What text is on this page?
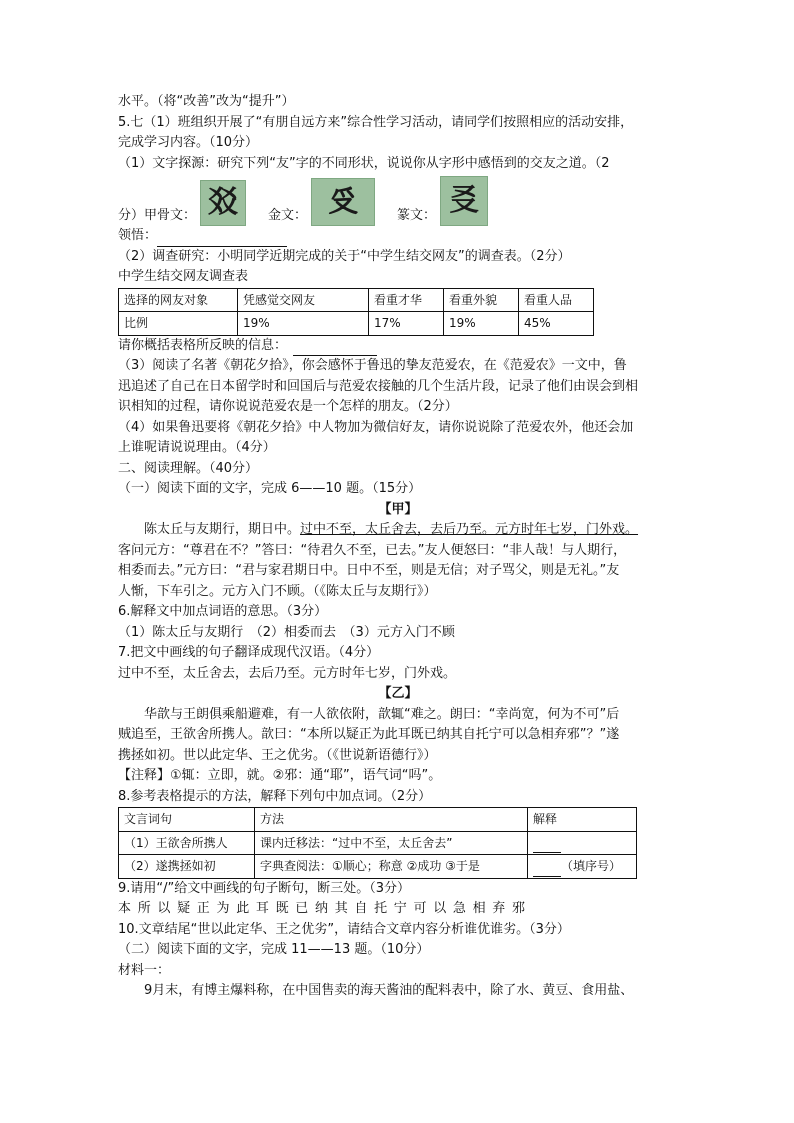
水平。（将“改善”改为“提升”）
5.七（1）班组织开展了“有朋自远方来”综合性学习活动，请同学们按照相应的活动安排，
完成学习内容。（10分）
（1）文字探源：研究下列“友”字的不同形状，说说你从字形中感悟到的交友之道。（2
分）甲骨文： 㸚	金文： 𠬪	篆文： 㕛
领悟：
（2）调查研究：小明同学近期完成的关于“中学生结交网友”的调查表。（2分）
中学生结交网友调查表
选择的网友对象	凭感觉交网友	看重才华	看重外貌	看重人品
比例	19%	17%	19%	45%
请你概括表格所反映的信息：
（3）阅读了名著《朝花夕拾》，你会感怀于鲁迅的挚友范爱农，在《范爱农》一文中，鲁
迅追述了自己在日本留学时和回国后与范爱农接触的几个生活片段，记录了他们由误会到相
识相知的过程，请你说说范爱农是一个怎样的朋友。（2分）
（4）如果鲁迅要将《朝花夕拾》中人物加为微信好友，请你说说除了范爱农外，他还会加
上谁呢请说说理由。（4分）
二、阅读理解。（40分）
（一）阅读下面的文字，完成 6——10 题。（15分）
【甲】
陈太丘与友期行，期日中。过中不至，太丘舍去，去后乃至。元方时年七岁，门外戏。
客问元方：“尊君在不？”答曰：“待君久不至，已去。”友人便怒曰：“非人哉！与人期行，
相委而去。”元方曰：“君与家君期日中。日中不至，则是无信；对子骂父，则是无礼。”友
人惭，下车引之。元方入门不顾。（《陈太丘与友期行》）
6.解释文中加点词语的意思。（3分）
（1）陈太丘与友期行　（2）相委而去　（3）元方入门不顾
7.把文中画线的句子翻译成现代汉语。（4分）
过中不至，太丘舍去，去后乃至。元方时年七岁，门外戏。
【乙】
华歆与王朗俱乘船避难，有一人欲依附，歆辄“难之。朗曰：“幸尚宽，何为不可”后
贼追至，王欲舍所携人。歆曰：“本所以疑正为此耳既已纳其自托宁可以急相弃邪”？”遂
携拯如初。世以此定华、王之优劣。（《世说新语德行》）
【注释】①辄：立即，就。②邪：通“耶”，语气词“吗”。
8.参考表格提示的方法，解释下列句中加点词。（2分）
文言词句	方法	解释
（1）王欲舍所携人	课内迁移法：“过中不至，太丘舍去”	
（2）遂携拯如初	字典查阅法：①顺心；称意 ②成功 ③于是	（填序号）
9.请用“/”给文中画线的句子断句，断三处。（3分）
本所以疑正为此耳既已纳其自托宁可以急相弃邪
10.文章结尾“世以此定华、王之优劣”，请结合文章内容分析谁优谁劣。（3分）
（二）阅读下面的文字，完成 11——13 题。（10分）
材料一：
9月末，有博主爆料称，在中国售卖的海天酱油的配料表中，除了水、黄豆、食用盐、
